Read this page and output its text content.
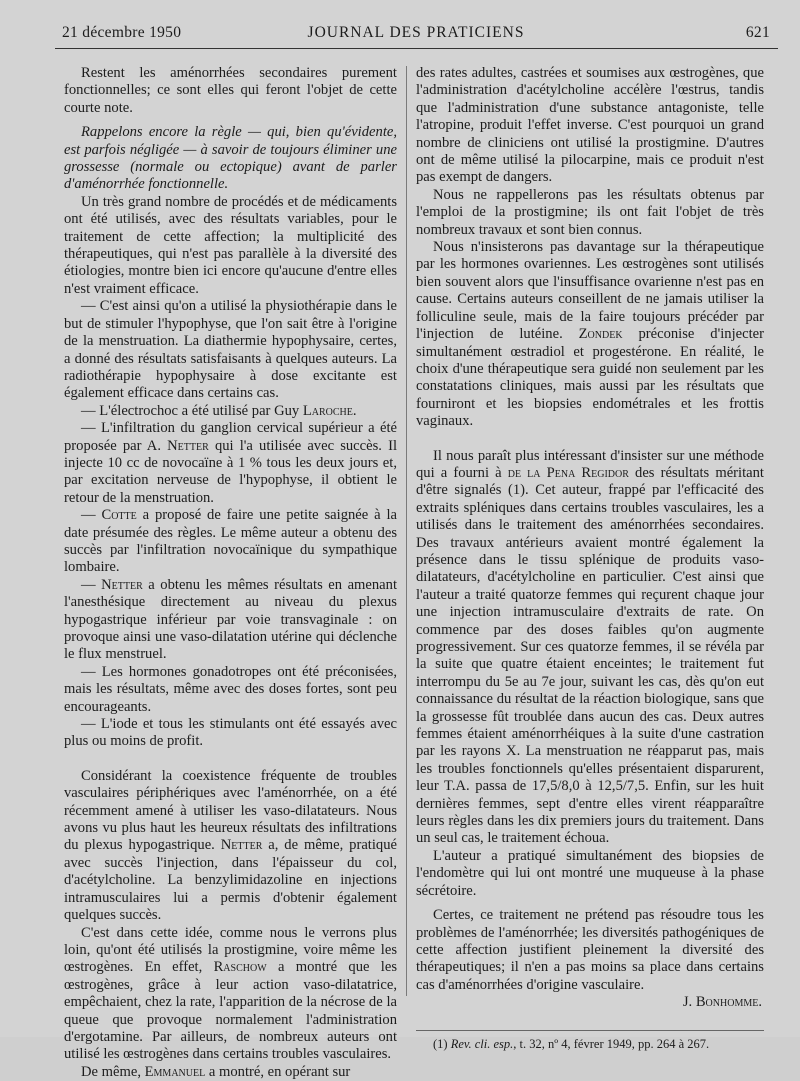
21 décembre 1950	JOURNAL DES PRATICIENS	621

Restent les aménorrhées secondaires purement fonctionnelles; ce sont elles qui feront l'objet de cette courte note.

Rappelons encore la règle — qui, bien qu'évidente, est parfois négligée — à savoir de toujours éliminer une grossesse (normale ou ectopique) avant de parler d'aménorrhée fonctionnelle.

Un très grand nombre de procédés et de médicaments ont été utilisés, avec des résultats variables, pour le traitement de cette affection; la multiplicité des thérapeutiques, qui n'est pas parallèle à la diversité des étiologies, montre bien ici encore qu'aucune d'entre elles n'est vraiment efficace.

— C'est ainsi qu'on a utilisé la physiothérapie dans le but de stimuler l'hypophyse, que l'on sait être à l'origine de la menstruation. La diathermie hypophysaire, certes, a donné des résultats satisfaisants à quelques auteurs. La radiothérapie hypophysaire à dose excitante est également efficace dans certains cas.

— L'électrochoc a été utilisé par Guy Laroche.

— L'infiltration du ganglion cervical supérieur a été proposée par A. Netter qui l'a utilisée avec succès. Il injecte 10 cc de novocaïne à 1 % tous les deux jours et, par excitation nerveuse de l'hypophyse, il obtient le retour de la menstruation.

— Cotte a proposé de faire une petite saignée à la date présumée des règles. Le même auteur a obtenu des succès par l'infiltration novocaïnique du sympathique lombaire.

— Netter a obtenu les mêmes résultats en amenant l'anesthésique directement au niveau du plexus hypogastrique inférieur par voie transvaginale : on provoque ainsi une vaso-dilatation utérine qui déclenche le flux menstruel.

— Les hormones gonadotropes ont été préconisées, mais les résultats, même avec des doses fortes, sont peu encourageants.

— L'iode et tous les stimulants ont été essayés avec plus ou moins de profit.

Considérant la coexistence fréquente de troubles vasculaires périphériques avec l'aménorrhée, on a été récemment amené à utiliser les vaso-dilatateurs. Nous avons vu plus haut les heureux résultats des infiltrations du plexus hypogastrique. Netter a, de même, pratiqué avec succès l'injection, dans l'épaisseur du col, d'acétylcholine. La benzylimidazoline en injections intramusculaires lui a permis d'obtenir également quelques succès.

C'est dans cette idée, comme nous le verrons plus loin, qu'ont été utilisés la prostigmine, voire même les œstrogènes. En effet, Raschow a montré que les œstrogènes, grâce à leur action vaso-dilatatrice, empêchaient, chez la rate, l'apparition de la nécrose de la queue que provoque normalement l'administration d'ergotamine. Par ailleurs, de nombreux auteurs ont utilisé les œstrogènes dans certains troubles vasculaires.

De même, Emmanuel a montré, en opérant sur

des rates adultes, castrées et soumises aux œstrogènes, que l'administration d'acétylcholine accélère l'œstrus, tandis que l'administration d'une substance antagoniste, telle l'atropine, produit l'effet inverse. C'est pourquoi un grand nombre de cliniciens ont utilisé la prostigmine. D'autres ont de même utilisé la pilocarpine, mais ce produit n'est pas exempt de dangers.

Nous ne rappellerons pas les résultats obtenus par l'emploi de la prostigmine; ils ont fait l'objet de très nombreux travaux et sont bien connus.

Nous n'insisterons pas davantage sur la thérapeutique par les hormones ovariennes. Les œstrogènes sont utilisés bien souvent alors que l'insuffisance ovarienne n'est pas en cause. Certains auteurs conseillent de ne jamais utiliser la folliculine seule, mais de la faire toujours précéder par l'injection de lutéine. Zondek préconise d'injecter simultanément œstradiol et progestérone. En réalité, le choix d'une thérapeutique sera guidé non seulement par les constatations cliniques, mais aussi par les résultats que fourniront et les biopsies endométrales et les frottis vaginaux.

Il nous paraît plus intéressant d'insister sur une méthode qui a fourni à de la Pena Regidor des résultats méritant d'être signalés (1). Cet auteur, frappé par l'efficacité des extraits spléniques dans certains troubles vasculaires, les a utilisés dans le traitement des aménorrhées secondaires. Des travaux antérieurs avaient montré également la présence dans le tissu splénique de produits vaso-dilatateurs, d'acétylcholine en particulier. C'est ainsi que l'auteur a traité quatorze femmes qui reçurent chaque jour une injection intramusculaire d'extraits de rate. On commence par des doses faibles qu'on augmente progressivement. Sur ces quatorze femmes, il se révéla par la suite que quatre étaient enceintes; le traitement fut interrompu du 5e au 7e jour, suivant les cas, dès qu'on eut connaissance du résultat de la réaction biologique, sans que la grossesse fût troublée dans aucun des cas. Deux autres femmes étaient aménorrhéiques à la suite d'une castration par les rayons X. La menstruation ne réapparut pas, mais les troubles fonctionnels qu'elles présentaient disparurent, leur T.A. passa de 17,5/8,0 à 12,5/7,5. Enfin, sur les huit dernières femmes, sept d'entre elles virent réapparaître leurs règles dans les dix premiers jours du traitement. Dans un seul cas, le traitement échoua.

L'auteur a pratiqué simultanément des biopsies de l'endomètre qui lui ont montré une muqueuse à la phase sécrétoire.

Certes, ce traitement ne prétend pas résoudre tous les problèmes de l'aménorrhée; les diversités pathogéniques de cette affection justifient pleinement la diversité des thérapeutiques; il n'en a pas moins sa place dans certains cas d'aménorrhées d'origine vasculaire.

J. Bonhomme.

(1) Rev. cli. esp., t. 32, nº 4, févrer 1949, pp. 264 à 267.
